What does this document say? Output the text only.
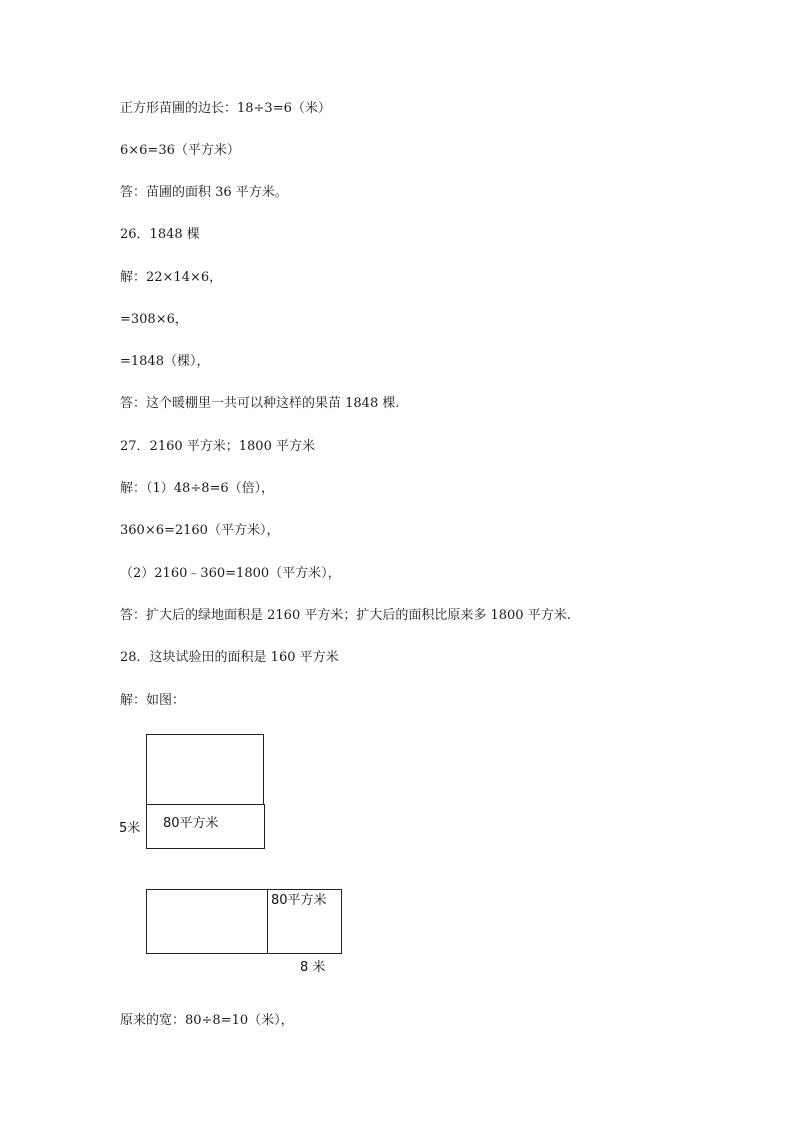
正方形苗圃的边长：18÷3=6（米）
6×6=36（平方米）
答：苗圃的面积 36 平方米。
26．1848 棵
解：22×14×6，
=308×6，
=1848（棵），
答：这个暖棚里一共可以种这样的果苗 1848 棵.
27．2160 平方米；1800 平方米
解：（1）48÷8=6（倍），
360×6=2160（平方米），
（2）2160﹣360=1800（平方米），
答：扩大后的绿地面积是 2160 平方米；扩大后的面积比原来多 1800 平方米.
28．这块试验田的面积是 160 平方米
解：如图：
80平方米
5米
80平方米
8 米
原来的宽：80÷8=10（米），
